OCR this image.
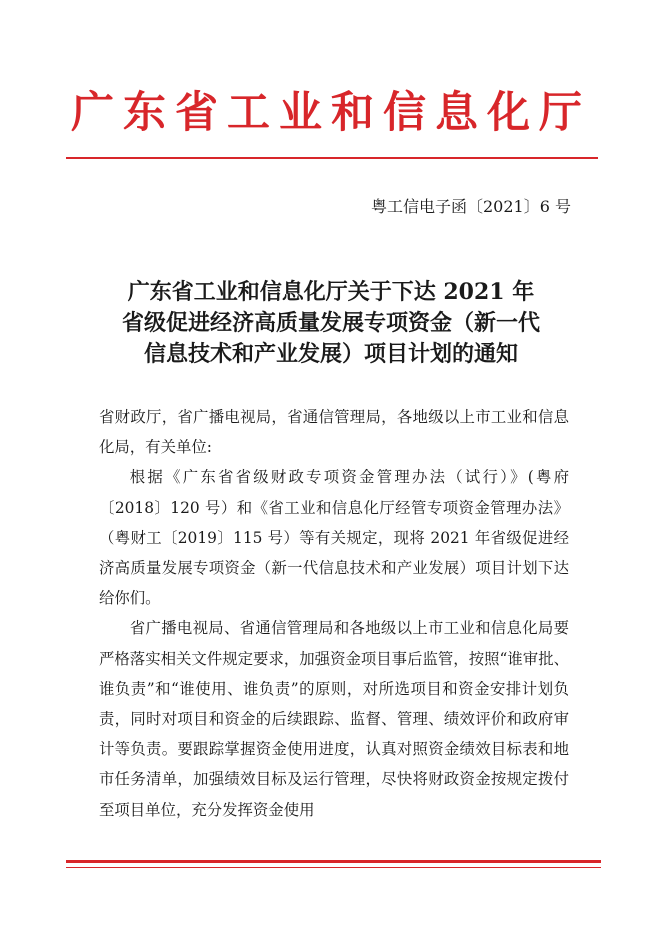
广东省工业和信息化厅
粤工信电子函〔2021〕6 号
广东省工业和信息化厅关于下达 2021 年
省级促进经济高质量发展专项资金（新一代
信息技术和产业发展）项目计划的通知

省财政厅，省广播电视局，省通信管理局，各地级以上市工业和信息化局，有关单位:

根据《广东省省级财政专项资金管理办法（试行）》(粤府〔2018〕120 号）和《省工业和信息化厅经管专项资金管理办法》（粤财工〔2019〕115 号）等有关规定，现将 2021 年省级促进经济高质量发展专项资金（新一代信息技术和产业发展）项目计划下达给你们。

省广播电视局、省通信管理局和各地级以上市工业和信息化局要严格落实相关文件规定要求，加强资金项目事后监管，按照“谁审批、谁负责”和“谁使用、谁负责”的原则，对所选项目和资金安排计划负责，同时对项目和资金的后续跟踪、监督、管理、绩效评价和政府审计等负责。要跟踪掌握资金使用进度，认真对照资金绩效目标表和地市任务清单，加强绩效目标及运行管理，尽快将财政资金按规定拨付至项目单位，充分发挥资金使用
